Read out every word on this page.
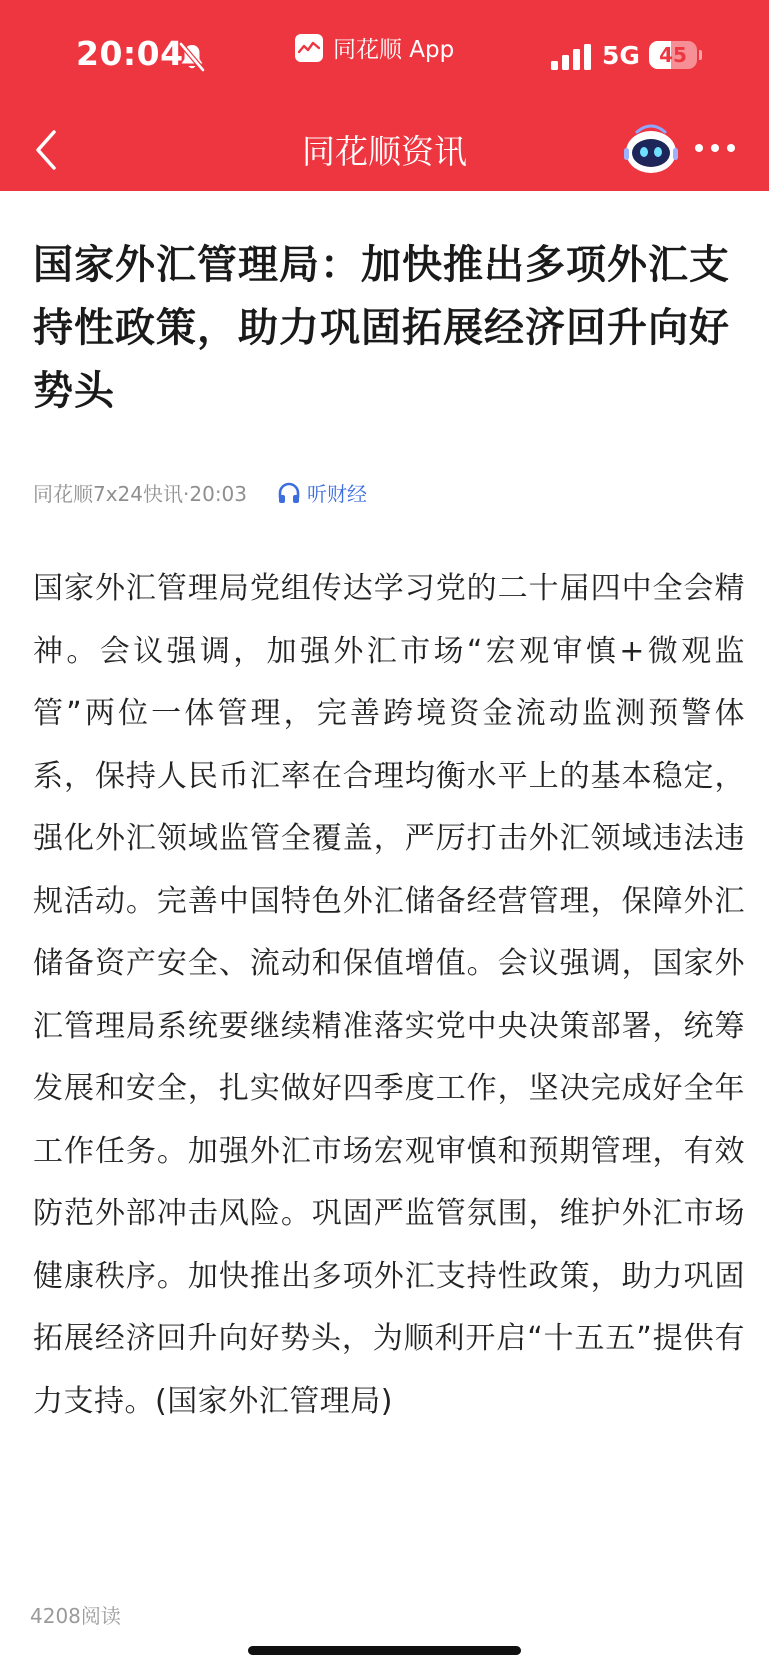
20:04	同花顺 App	5G 45
同花顺资讯
国家外汇管理局：加快推出多项外汇支持性政策，助力巩固拓展经济回升向好势头
同花顺7x24快讯·20:03	听财经

国家外汇管理局党组传达学习党的二十届四中全会精神。会议强调，加强外汇市场“宏观审慎+微观监管”两位一体管理，完善跨境资金流动监测预警体系，保持人民币汇率在合理均衡水平上的基本稳定，强化外汇领域监管全覆盖，严厉打击外汇领域违法违规活动。完善中国特色外汇储备经营管理，保障外汇储备资产安全、流动和保值增值。会议强调，国家外汇管理局系统要继续精准落实党中央决策部署，统筹发展和安全，扎实做好四季度工作，坚决完成好全年工作任务。加强外汇市场宏观审慎和预期管理，有效防范外部冲击风险。巩固严监管氛围，维护外汇市场健康秩序。加快推出多项外汇支持性政策，助力巩固拓展经济回升向好势头，为顺利开启“十五五”提供有力支持。(国家外汇管理局)

4208阅读
